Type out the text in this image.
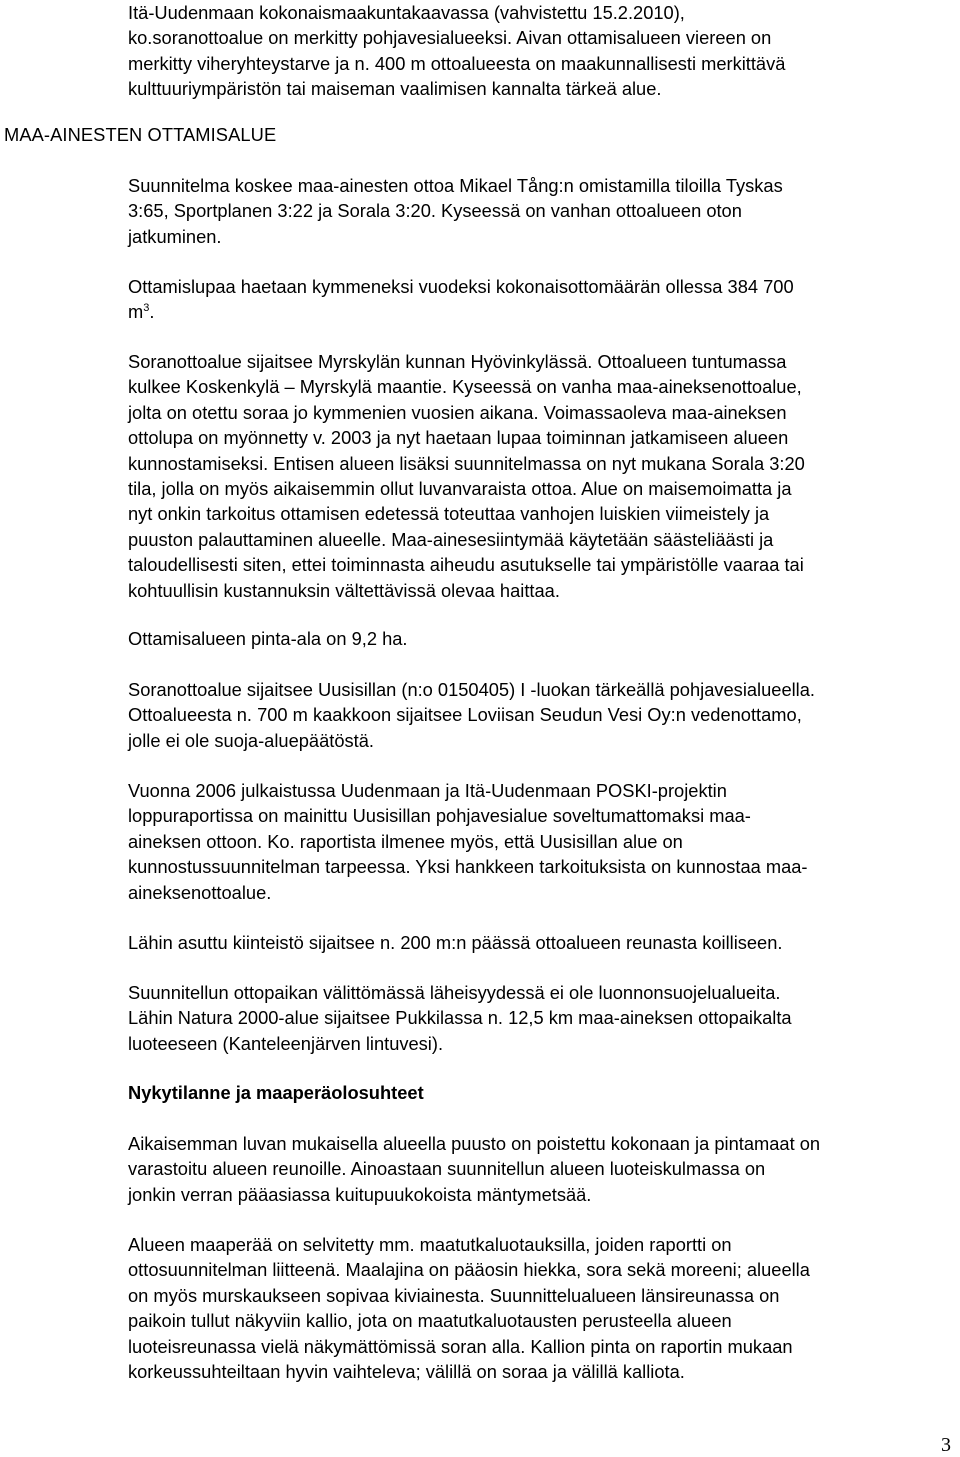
Itä-Uudenmaan kokonaismaakuntakaavassa (vahvistettu 15.2.2010),
ko.soranottoalue on merkitty pohjavesialueeksi. Aivan ottamisalueen viereen on
merkitty viheryhteystarve ja n. 400 m ottoalueesta on maakunnallisesti merkittävä
kulttuuriympäristön tai maiseman vaalimisen kannalta tärkeä alue.

MAA-AINESTEN OTTAMISALUE

Suunnitelma koskee maa-ainesten ottoa Mikael Tång:n omistamilla tiloilla Tyskas
3:65, Sportplanen 3:22 ja Sorala 3:20. Kyseessä on vanhan ottoalueen oton
jatkuminen.

Ottamislupaa haetaan kymmeneksi vuodeksi kokonaisottomäärän ollessa 384 700
$m^3$.

Soranottoalue sijaitsee Myrskylän kunnan Hyövinkylässä. Ottoalueen tuntumassa
kulkee Koskenkylä – Myrskylä maantie. Kyseessä on vanha maa-aineksenottoalue,
jolta on otettu soraa jo kymmenien vuosien aikana. Voimassaoleva maa-aineksen
ottolupa on myönnetty v. 2003 ja nyt haetaan lupaa toiminnan jatkamiseen alueen
kunnostamiseksi. Entisen alueen lisäksi suunnitelmassa on nyt mukana Sorala 3:20
tila, jolla on myös aikaisemmin ollut luvanvaraista ottoa. Alue on maisemoimatta ja
nyt onkin tarkoitus ottamisen edetessä toteuttaa vanhojen luiskien viimeistely ja
puuston palauttaminen alueelle. Maa-ainesesiintymää käytetään säästeliäästi ja
taloudellisesti siten, ettei toiminnasta aiheudu asutukselle tai ympäristölle vaaraa tai
kohtuullisin kustannuksin vältettävissä olevaa haittaa.

Ottamisalueen pinta-ala on 9,2 ha.

Soranottoalue sijaitsee Uusisillan (n:o 0150405) I -luokan tärkeällä pohjavesialueella.
Ottoalueesta n. 700 m kaakkoon sijaitsee Loviisan Seudun Vesi Oy:n vedenottamo,
jolle ei ole suoja-aluepäätöstä.

Vuonna 2006 julkaistussa Uudenmaan ja Itä-Uudenmaan POSKI-projektin
loppuraportissa on mainittu Uusisillan pohjavesialue soveltumattomaksi maa-
aineksen ottoon. Ko. raportista ilmenee myös, että Uusisillan alue on
kunnostussuunnitelman tarpeessa. Yksi hankkeen tarkoituksista on kunnostaa maa-
aineksenottoalue.

Lähin asuttu kiinteistö sijaitsee n. 200 m:n päässä ottoalueen reunasta koilliseen.

Suunnitellun ottopaikan välittömässä läheisyydessä ei ole luonnonsuojelualueita.
Lähin Natura 2000-alue sijaitsee Pukkilassa n. 12,5 km maa-aineksen ottopaikalta
luoteeseen (Kanteleenjärven lintuvesi).

Nykytilanne ja maaperäolosuhteet

Aikaisemman luvan mukaisella alueella puusto on poistettu kokonaan ja pintamaat on
varastoitu alueen reunoille. Ainoastaan suunnitellun alueen luoteiskulmassa on
jonkin verran pääasiassa kuitupuukokoista mäntymetsää.

Alueen maaperää on selvitetty mm. maatutkaluotauksilla, joiden raportti on
ottosuunnitelman liitteenä. Maalajina on pääosin hiekka, sora sekä moreeni; alueella
on myös murskaukseen sopivaa kiviainesta. Suunnittelualueen länsireunassa on
paikoin tullut näkyviin kallio, jota on maatutkaluotausten perusteella alueen
luoteisreunassa vielä näkymättömissä soran alla. Kallion pinta on raportin mukaan
korkeussuhteiltaan hyvin vaihteleva; välillä on soraa ja välillä kalliota.

3
